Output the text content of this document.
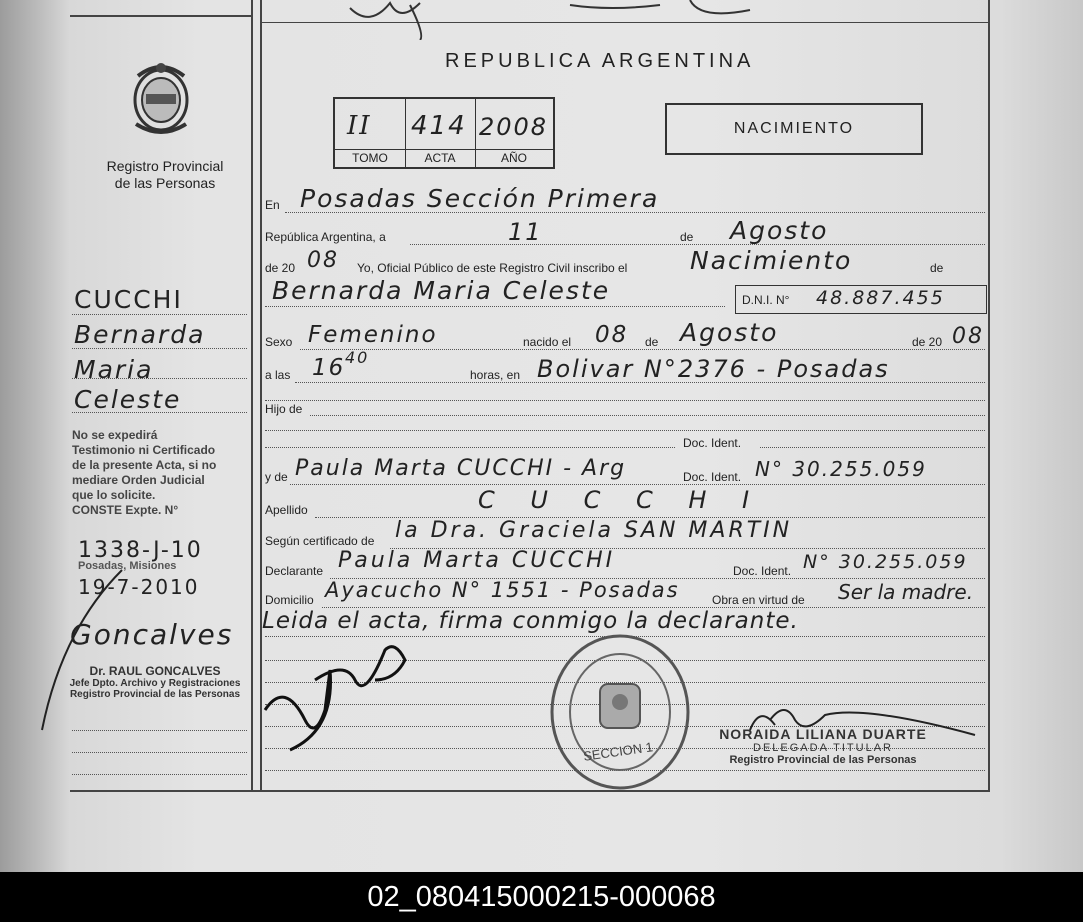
Registro Provincial
de las Personas
REPUBLICA ARGENTINA
II 414 2008
TOMO	ACTA	AÑO
NACIMIENTO
En Posadas Sección Primera
República Argentina, a	11	de Agosto
de 20 08 Yo, Oficial Público de este Registro Civil inscribo el	Nacimiento	de
Bernarda Maria Celeste	D.N.I. N° 48.887.455
Sexo Femenino	nacido el 08 de Agosto	de 20 08
a las 16 40
horas, en Bolivar N°2376 - Posadas
Hijo de
Doc. Ident.
y de Paula Marta CUCCHI - Arg	Doc. Ident. N° 30.255.059
Apellido	C U C C H I
Según certificado de la Dra. Graciela SAN MARTIN
Declarante Paula Marta CUCCHI	Doc. Ident. N° 30.255.059
Domicilio Ayacucho N° 1551 - Posadas	Obra en virtud de Ser la madre.
Leida el acta, firma conmigo la declarante.
SECCION 1
NORAIDA LILIANA DUARTE
DELEGADA TITULAR
Registro Provincial de las Personas
CUCCHI
Bernarda
Maria
Celeste
No se expedirá
Testimonio ni Certificado
de la presente Acta, si no
mediare Orden Judicial
que lo solicite.
CONSTE Expte. N°
1338-J-10
Posadas, Misiones
19-7-2010
Goncalves
Dr. RAUL GONCALVES
Jefe Dpto. Archivo y Registraciones
Registro Provincial de las Personas
02_080415000215-000068
